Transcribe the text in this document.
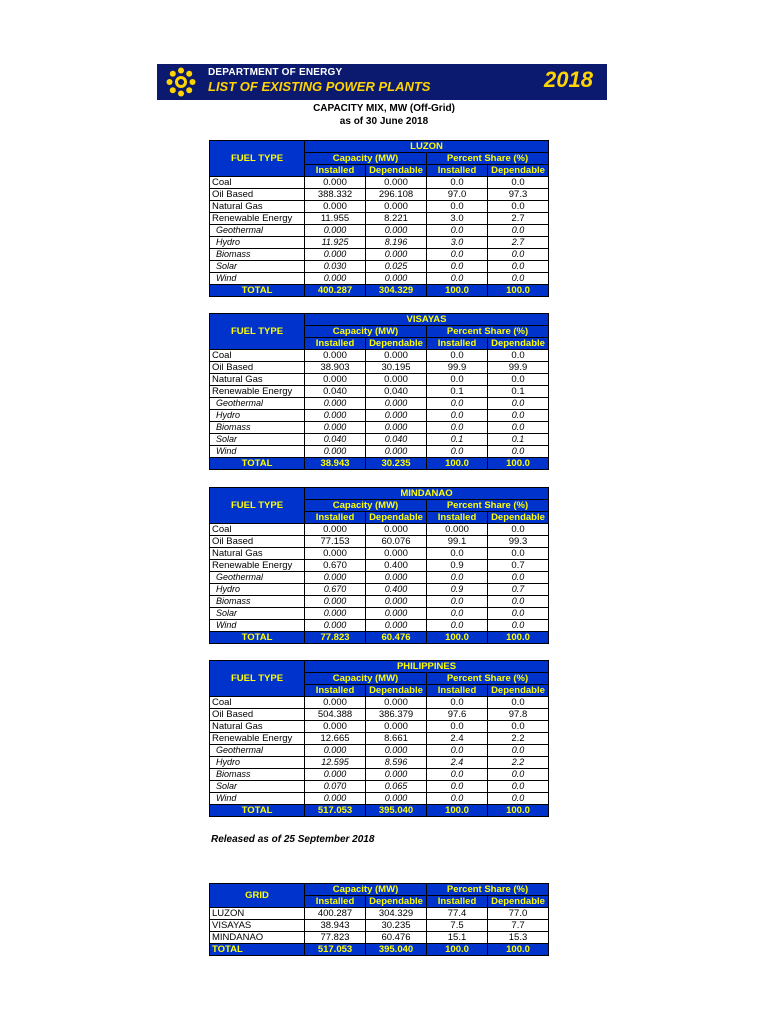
DEPARTMENT OF ENERGY
LIST OF EXISTING POWER PLANTS	2018
CAPACITY MIX, MW (Off-Grid)
as of 30 June 2018
FUEL TYPE	LUZON			
	Capacity (MW)		Percent Share (%)	
	Installed	Dependable	Installed	Dependable
Coal	0.000	0.000	0.0	0.0
Oil Based	388.332	296.108	97.0	97.3
Natural Gas	0.000	0.000	0.0	0.0
Renewable Energy	11.955	8.221	3.0	2.7
Geothermal	0.000	0.000	0.0	0.0
Hydro	11.925	8.196	3.0	2.7
Biomass	0.000	0.000	0.0	0.0
Solar	0.030	0.025	0.0	0.0
Wind	0.000	0.000	0.0	0.0
TOTAL	400.287	304.329	100.0	100.0
FUEL TYPE	VISAYAS			
	Capacity (MW)		Percent Share (%)	
	Installed	Dependable	Installed	Dependable
Coal	0.000	0.000	0.0	0.0
Oil Based	38.903	30.195	99.9	99.9
Natural Gas	0.000	0.000	0.0	0.0
Renewable Energy	0.040	0.040	0.1	0.1
Geothermal	0.000	0.000	0.0	0.0
Hydro	0.000	0.000	0.0	0.0
Biomass	0.000	0.000	0.0	0.0
Solar	0.040	0.040	0.1	0.1
Wind	0.000	0.000	0.0	0.0
TOTAL	38.943	30.235	100.0	100.0
FUEL TYPE	MINDANAO			
	Capacity (MW)		Percent Share (%)	
	Installed	Dependable	Installed	Dependable
Coal	0.000	0.000	0.000	0.0
Oil Based	77.153	60.076	99.1	99.3
Natural Gas	0.000	0.000	0.0	0.0
Renewable Energy	0.670	0.400	0.9	0.7
Geothermal	0.000	0.000	0.0	0.0
Hydro	0.670	0.400	0.9	0.7
Biomass	0.000	0.000	0.0	0.0
Solar	0.000	0.000	0.0	0.0
Wind	0.000	0.000	0.0	0.0
TOTAL	77.823	60.476	100.0	100.0
FUEL TYPE	PHILIPPINES			
	Capacity (MW)		Percent Share (%)	
	Installed	Dependable	Installed	Dependable
Coal	0.000	0.000	0.0	0.0
Oil Based	504.388	386.379	97.6	97.8
Natural Gas	0.000	0.000	0.0	0.0
Renewable Energy	12.665	8.661	2.4	2.2
Geothermal	0.000	0.000	0.0	0.0
Hydro	12.595	8.596	2.4	2.2
Biomass	0.000	0.000	0.0	0.0
Solar	0.070	0.065	0.0	0.0
Wind	0.000	0.000	0.0	0.0
TOTAL	517.053	395.040	100.0	100.0
GRID	Capacity (MW)		Percent Share (%)	
	Installed	Dependable	Installed	Dependable
LUZON	400.287	304.329	77.4	77.0
VISAYAS	38.943	30.235	7.5	7.7
MINDANAO	77.823	60.476	15.1	15.3
TOTAL	517.053	395.040	100.0	100.0
Released as of 25 September 2018
